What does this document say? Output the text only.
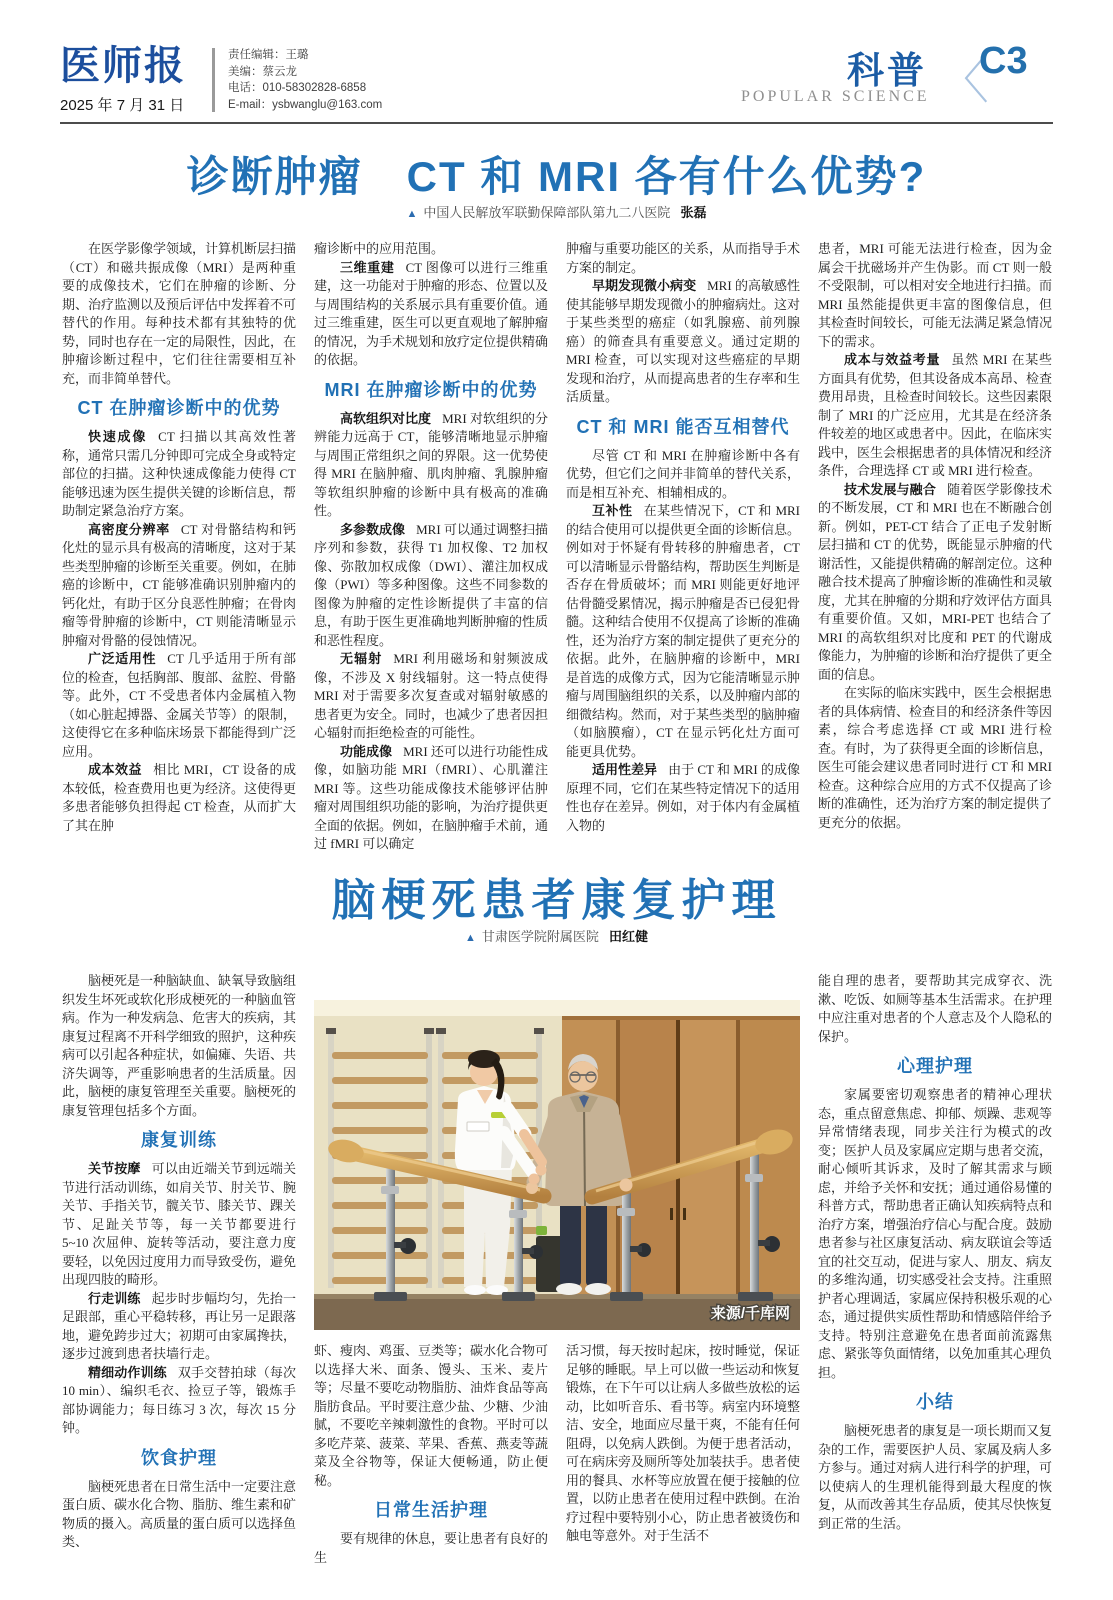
医师报
2025 年 7 月 31 日
责任编辑：王璐
美编：蔡云龙
电话：010-58302828-6858
E-mail：ysbwanglu@163.com	POPULAR SCIENCE
科普 〈
C3
诊断肿瘤　CT 和 MRI 各有什么优势?
▲ 中国人民解放军联勤保障部队第九二八医院 张磊

在医学影像学领域，计算机断层扫描（CT）和磁共振成像（MRI）是两种重要的成像技术，它们在肿瘤的诊断、分期、治疗监测以及预后评估中发挥着不可替代的作用。每种技术都有其独特的优势，同时也存在一定的局限性，因此，在肿瘤诊断过程中，它们往往需要相互补充，而非简单替代。

CT 在肿瘤诊断中的优势

快速成像 CT 扫描以其高效性著称，通常只需几分钟即可完成全身或特定部位的扫描。这种快速成像能力使得 CT 能够迅速为医生提供关键的诊断信息，帮助制定紧急治疗方案。

高密度分辨率 CT 对骨骼结构和钙化灶的显示具有极高的清晰度，这对于某些类型肿瘤的诊断至关重要。例如，在肺癌的诊断中，CT 能够准确识别肿瘤内的钙化灶，有助于区分良恶性肿瘤；在骨肉瘤等骨肿瘤的诊断中，CT 则能清晰显示肿瘤对骨骼的侵蚀情况。

广泛适用性 CT 几乎适用于所有部位的检查，包括胸部、腹部、盆腔、骨骼等。此外，CT 不受患者体内金属植入物（如心脏起搏器、金属关节等）的限制，这使得它在多种临床场景下都能得到广泛应用。

成本效益 相比 MRI，CT 设备的成本较低，检查费用也更为经济。这使得更多患者能够负担得起 CT 检查，从而扩大了其在肿

瘤诊断中的应用范围。

三维重建 CT 图像可以进行三维重建，这一功能对于肿瘤的形态、位置以及与周围结构的关系展示具有重要价值。通过三维重建，医生可以更直观地了解肿瘤的情况，为手术规划和放疗定位提供精确的依据。

MRI 在肿瘤诊断中的优势

高软组织对比度 MRI 对软组织的分辨能力远高于 CT，能够清晰地显示肿瘤与周围正常组织之间的界限。这一优势使得 MRI 在脑肿瘤、肌肉肿瘤、乳腺肿瘤等软组织肿瘤的诊断中具有极高的准确性。

多参数成像 MRI 可以通过调整扫描序列和参数，获得 T1 加权像、T2 加权像、弥散加权成像（DWI）、灌注加权成像（PWI）等多种图像。这些不同参数的图像为肿瘤的定性诊断提供了丰富的信息，有助于医生更准确地判断肿瘤的性质和恶性程度。

无辐射 MRI 利用磁场和射频波成像，不涉及 X 射线辐射。这一特点使得 MRI 对于需要多次复查或对辐射敏感的患者更为安全。同时，也减少了患者因担心辐射而拒绝检查的可能性。

功能成像 MRI 还可以进行功能性成像，如脑功能 MRI（fMRI）、心肌灌注 MRI 等。这些功能成像技术能够评估肿瘤对周围组织功能的影响，为治疗提供更全面的依据。例如，在脑肿瘤手术前，通过 fMRI 可以确定

肿瘤与重要功能区的关系，从而指导手术方案的制定。

早期发现微小病变 MRI 的高敏感性使其能够早期发现微小的肿瘤病灶。这对于某些类型的癌症（如乳腺癌、前列腺癌）的筛查具有重要意义。通过定期的 MRI 检查，可以实现对这些癌症的早期发现和治疗，从而提高患者的生存率和生活质量。

CT 和 MRI 能否互相替代

尽管 CT 和 MRI 在肿瘤诊断中各有优势，但它们之间并非简单的替代关系，而是相互补充、相辅相成的。

互补性 在某些情况下，CT 和 MRI 的结合使用可以提供更全面的诊断信息。例如对于怀疑有骨转移的肿瘤患者，CT 可以清晰显示骨骼结构，帮助医生判断是否存在骨质破坏；而 MRI 则能更好地评估骨髓受累情况，揭示肿瘤是否已侵犯骨髓。这种结合使用不仅提高了诊断的准确性，还为治疗方案的制定提供了更充分的依据。此外，在脑肿瘤的诊断中，MRI 是首选的成像方式，因为它能清晰显示肿瘤与周围脑组织的关系，以及肿瘤内部的细微结构。然而，对于某些类型的脑肿瘤（如脑膜瘤），CT 在显示钙化灶方面可能更具优势。

适用性差异 由于 CT 和 MRI 的成像原理不同，它们在某些特定情况下的适用性也存在差异。例如，对于体内有金属植入物的

患者，MRI 可能无法进行检查，因为金属会干扰磁场并产生伪影。而 CT 则一般不受限制，可以相对安全地进行扫描。而 MRI 虽然能提供更丰富的图像信息，但其检查时间较长，可能无法满足紧急情况下的需求。

成本与效益考量 虽然 MRI 在某些方面具有优势，但其设备成本高昂、检查费用昂贵，且检查时间较长。这些因素限制了 MRI 的广泛应用，尤其是在经济条件较差的地区或患者中。因此，在临床实践中，医生会根据患者的具体情况和经济条件，合理选择 CT 或 MRI 进行检查。

技术发展与融合 随着医学影像技术的不断发展，CT 和 MRI 也在不断融合创新。例如，PET-CT 结合了正电子发射断层扫描和 CT 的优势，既能显示肿瘤的代谢活性，又能提供精确的解剖定位。这种融合技术提高了肿瘤诊断的准确性和灵敏度，尤其在肿瘤的分期和疗效评估方面具有重要价值。又如，MRI-PET 也结合了 MRI 的高软组织对比度和 PET 的代谢成像能力，为肿瘤的诊断和治疗提供了更全面的信息。

在实际的临床实践中，医生会根据患者的具体病情、检查目的和经济条件等因素，综合考虑选择 CT 或 MRI 进行检查。有时，为了获得更全面的诊断信息，医生可能会建议患者同时进行 CT 和 MRI 检查。这种综合应用的方式不仅提高了诊断的准确性，还为治疗方案的制定提供了更充分的依据。

脑梗死患者康复护理
▲ 甘肃医学院附属医院 田红健

脑梗死是一种脑缺血、缺氧导致脑组织发生坏死或软化形成梗死的一种脑血管病。作为一种发病急、危害大的疾病，其康复过程离不开科学细致的照护，这种疾病可以引起各种症状，如偏瘫、失语、共济失调等，严重影响患者的生活质量。因此，脑梗的康复管理至关重要。脑梗死的康复管理包括多个方面。

康复训练

关节按摩 可以由近端关节到远端关节进行活动训练，如肩关节、肘关节、腕关节、手指关节，髋关节、膝关节、踝关节、足趾关节等，每一关节都要进行 5~10 次屈伸、旋转等活动，要注意力度要轻，以免因过度用力而导致受伤，避免出现四肢的畸形。

行走训练 起步时步幅均匀，先抬一足跟部，重心平稳转移，再让另一足跟落地，避免跨步过大；初期可由家属搀扶，逐步过渡到患者扶墙行走。

精细动作训练 双手交替拍球（每次 10 min）、编织毛衣、捡豆子等，锻炼手部协调能力；每日练习 3 次，每次 15 分钟。

饮食护理

脑梗死患者在日常生活中一定要注意蛋白质、碳水化合物、脂肪、维生素和矿物质的摄入。高质量的蛋白质可以选择鱼类、

来源/千库网

虾、瘦肉、鸡蛋、豆类等；碳水化合物可以选择大米、面条、馒头、玉米、麦片等；尽量不要吃动物脂肪、油炸食品等高脂肪食品。平时要注意少盐、少糖、少油腻，不要吃辛辣刺激性的食物。平时可以多吃芹菜、菠菜、苹果、香蕉、燕麦等蔬菜及全谷物等，保证大便畅通，防止便秘。

日常生活护理

要有规律的休息，要让患者有良好的生

活习惯，每天按时起床，按时睡觉，保证足够的睡眠。早上可以做一些运动和恢复锻炼，在下午可以让病人多做些放松的运动，比如听音乐、看书等。病室内环境整洁、安全，地面应尽量干爽，不能有任何阻碍，以免病人跌倒。为便于患者活动，可在病床旁及厕所等处加装扶手。患者使用的餐具、水杯等应放置在便于接触的位置，以防止患者在使用过程中跌倒。在治疗过程中要特别小心，防止患者被烫伤和触电等意外。对于生活不

能自理的患者，要帮助其完成穿衣、洗漱、吃饭、如厕等基本生活需求。在护理中应注重对患者的个人意志及个人隐私的保护。

心理护理

家属要密切观察患者的精神心理状态，重点留意焦虑、抑郁、烦躁、悲观等异常情绪表现，同步关注行为模式的改变；医护人员及家属应定期与患者交流，耐心倾听其诉求，及时了解其需求与顾虑，并给予关怀和安抚；通过通俗易懂的科普方式，帮助患者正确认知疾病特点和治疗方案，增强治疗信心与配合度。鼓励患者参与社区康复活动、病友联谊会等适宜的社交互动，促进与家人、朋友、病友的多维沟通，切实感受社会支持。注重照护者心理调适，家属应保持积极乐观的心态，通过提供实质性帮助和情感陪伴给予支持。特别注意避免在患者面前流露焦虑、紧张等负面情绪，以免加重其心理负担。

小结

脑梗死患者的康复是一项长期而又复杂的工作，需要医护人员、家属及病人多方参与。通过对病人进行科学的护理，可以使病人的生理机能得到最大程度的恢复，从而改善其生存品质，使其尽快恢复到正常的生活。
